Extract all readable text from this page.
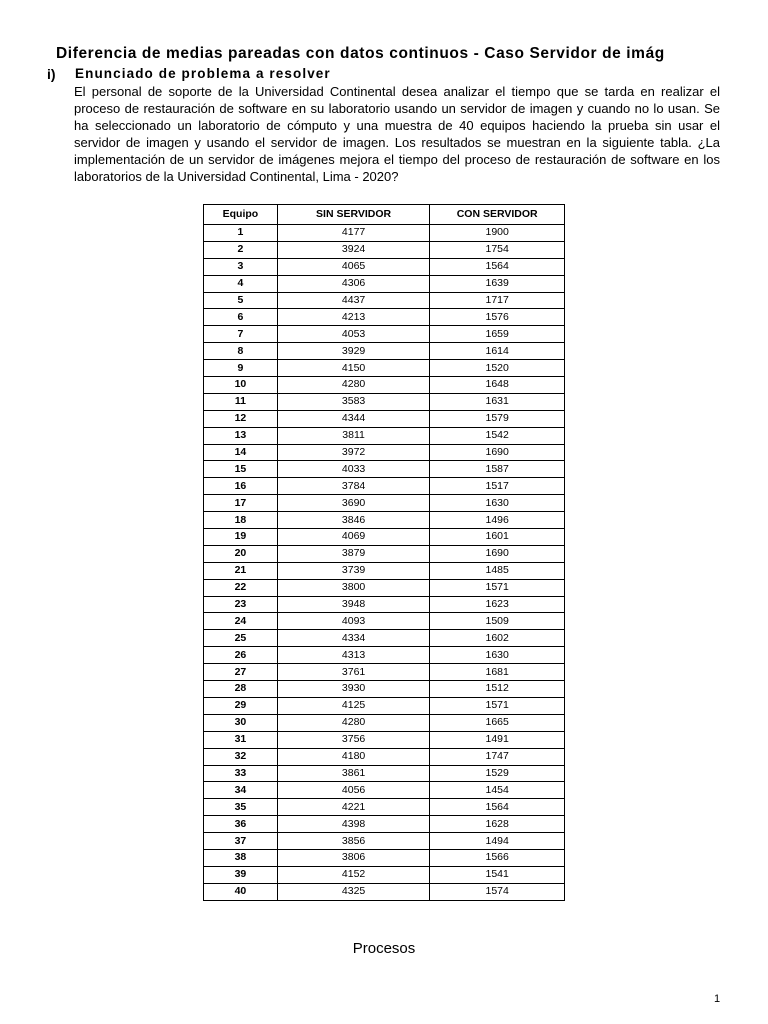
Diferencia de medias pareadas con datos continuos - Caso Servidor de imág
i) Enunciado de problema a resolver
El personal de soporte de la Universidad Continental desea analizar el tiempo que se tarda en realizar el proceso de restauración de software en su laboratorio usando un servidor de imagen y cuando no lo usan. Se ha seleccionado un laboratorio de cómputo y una muestra de 40 equipos haciendo la prueba sin usar el servidor de imagen y usando el servidor de imagen. Los resultados se muestran en la siguiente tabla. ¿La implementación de un servidor de imágenes mejora el tiempo del proceso de restauración de software en los laboratorios de la Universidad Continental, Lima - 2020?
Equipo	SIN SERVIDOR	CON SERVIDOR
1	4177	1900
2	3924	1754
3	4065	1564
4	4306	1639
5	4437	1717
6	4213	1576
7	4053	1659
8	3929	1614
9	4150	1520
10	4280	1648
11	3583	1631
12	4344	1579
13	3811	1542
14	3972	1690
15	4033	1587
16	3784	1517
17	3690	1630
18	3846	1496
19	4069	1601
20	3879	1690
21	3739	1485
22	3800	1571
23	3948	1623
24	4093	1509
25	4334	1602
26	4313	1630
27	3761	1681
28	3930	1512
29	4125	1571
30	4280	1665
31	3756	1491
32	4180	1747
33	3861	1529
34	4056	1454
35	4221	1564
36	4398	1628
37	3856	1494
38	3806	1566
39	4152	1541
40	4325	1574
Procesos
1
